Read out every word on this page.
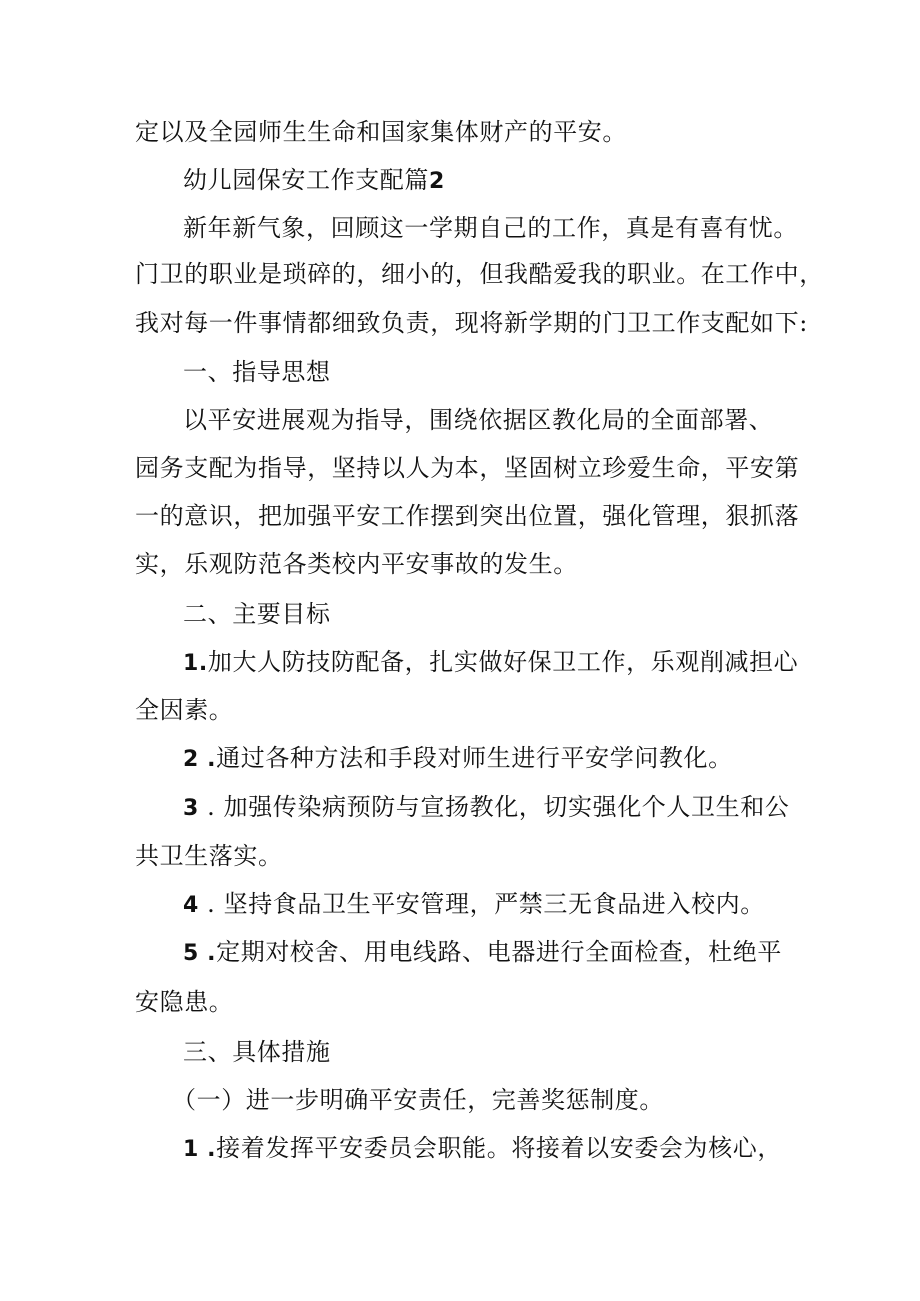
定以及全园师生生命和国家集体财产的平安。
幼儿园保安工作支配篇2
新年新气象，回顾这一学期自己的工作，真是有喜有忧。
门卫的职业是琐碎的，细小的，但我酷爱我的职业。在工作中，
我对每一件事情都细致负责，现将新学期的门卫工作支配如下:
一、指导思想
以平安进展观为指导，围绕依据区教化局的全面部署、
园务支配为指导，坚持以人为本，坚固树立珍爱生命，平安第
一的意识，把加强平安工作摆到突出位置，强化管理，狠抓落
实，乐观防范各类校内平安事故的发生。
二、主要目标
1.加大人防技防配备，扎实做好保卫工作，乐观削减担心
全因素。
2 .通过各种方法和手段对师生进行平安学问教化。
3 . 加强传染病预防与宣扬教化，切实强化个人卫生和公
共卫生落实。
4 . 坚持食品卫生平安管理，严禁三无食品进入校内。
5 .定期对校舍、用电线路、电器进行全面检查，杜绝平
安隐患。
三、具体措施
（一）进一步明确平安责任，完善奖惩制度。
1 .接着发挥平安委员会职能。将接着以安委会为核心，
